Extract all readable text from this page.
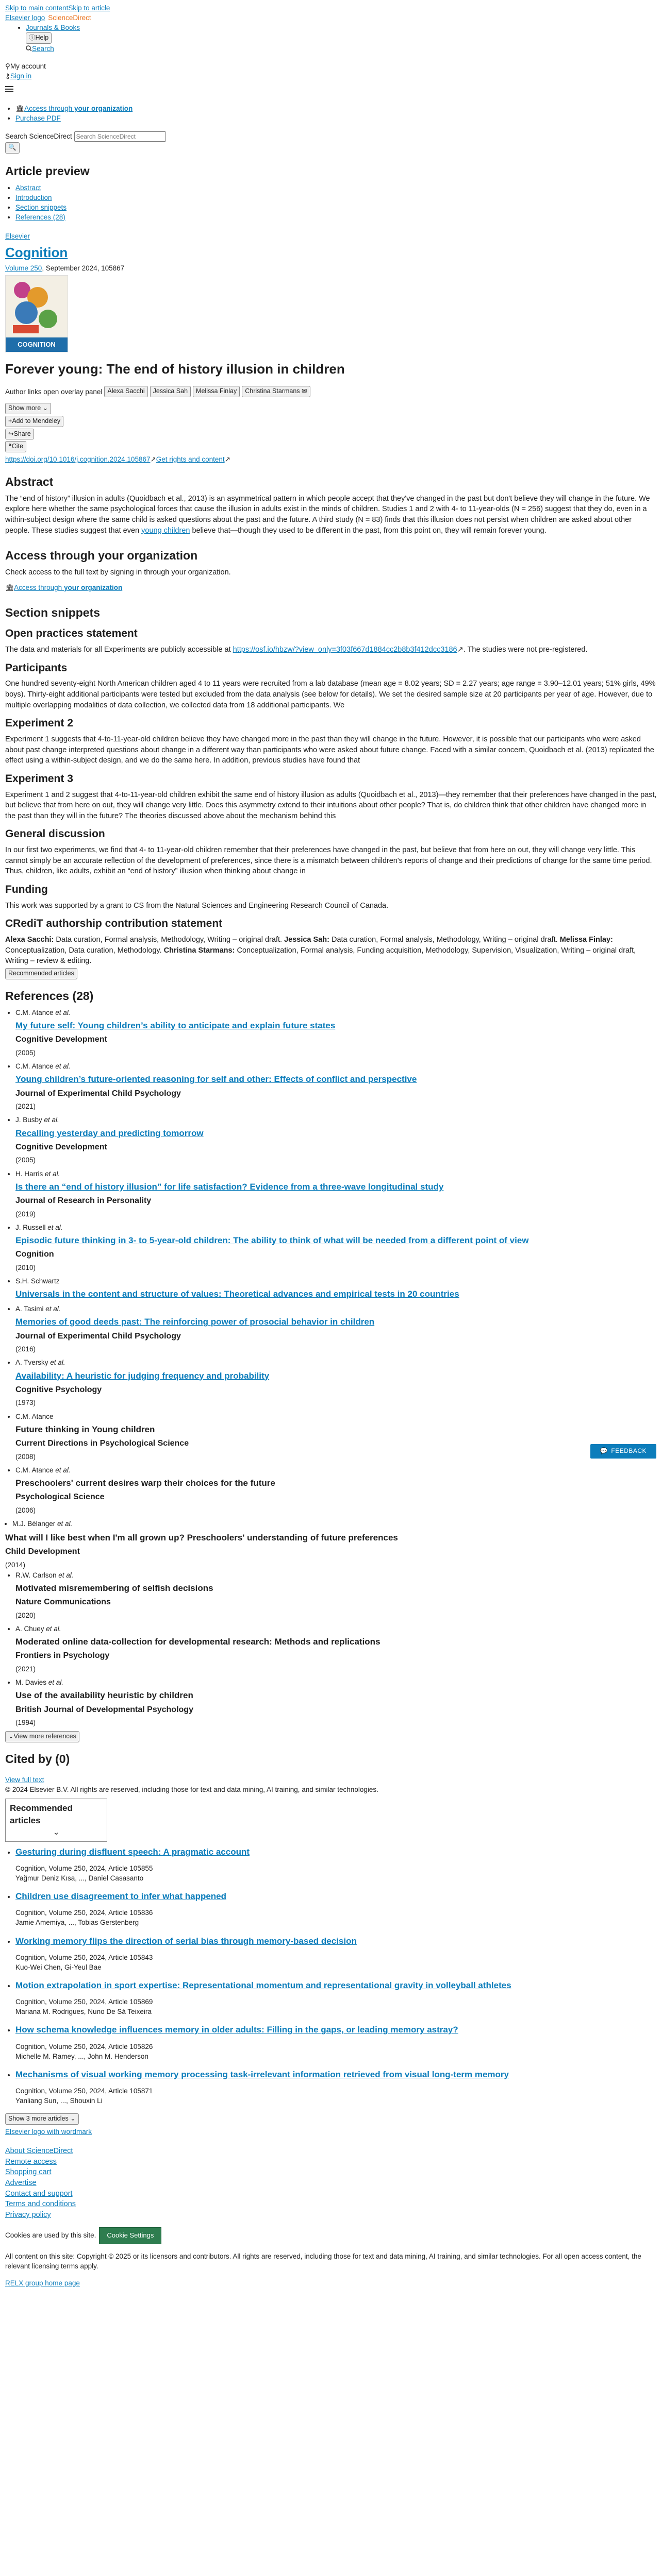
Skip to main contentSkip to article
Elsevier logo ScienceDirect
• Journals & Books
ⓘHelp
Search
⚲My account
⚷Sign in
• 🏛Access through your organization
• Purchase PDF
Search ScienceDirect Search ScienceDirect
🔍
Article preview
• Abstract
• Introduction
• Section snippets
• References (28)
Elsevier
Cognition
Volume 250, September 2024, 105867
COGNITION
Forever young: The end of history illusion in children
Author links open overlay panel Alexa Sacchi	Jessica Sah	Melissa Finlay	Christina Starmans ✉
Show more ⌄
+Add to Mendeley
↪Share
❝Cite
https://doi.org/10.1016/j.cognition.2024.105867↗Get rights and content↗
Abstract

The “end of history” illusion in adults (Quoidbach et al., 2013) is an asymmetrical pattern in which people accept that they've changed in the past but don't believe they will change in the future. We explore here whether the same psychological forces that cause the illusion in adults exist in the minds of children. Studies 1 and 2 with 4- to 11-year-olds (N = 256) suggest that they do, even in a within-subject design where the same child is asked questions about the past and the future. A third study (N = 83) finds that this illusion does not persist when children are asked about other people. These studies suggest that even young children believe that—though they used to be different in the past, from this point on, they will remain forever young.

Access through your organization

Check access to the full text by signing in through your organization.

🏛Access through your organization
Section snippets
Open practices statement

The data and materials for all Experiments are publicly accessible at https://osf.io/hbzw/?view_only=3f03f667d1884cc2b8b3f412dcc3186↗. The studies were not pre-registered.

Participants

One hundred seventy-eight North American children aged 4 to 11 years were recruited from a lab database (mean age = 8.02 years; SD = 2.27 years; age range = 3.90–12.01 years; 51% girls, 49% boys). Thirty-eight additional participants were tested but excluded from the data analysis (see below for details). We set the desired sample size at 20 participants per year of age. However, due to multiple overlapping modalities of data collection, we collected data from 18 additional participants. We

Experiment 2

Experiment 1 suggests that 4-to-11-year-old children believe they have changed more in the past than they will change in the future. However, it is possible that our participants who were asked about past change interpreted questions about change in a different way than participants who were asked about future change. Faced with a similar concern, Quoidbach et al. (2013) replicated the effect using a within-subject design, and we do the same here. In addition, previous studies have found that

Experiment 3

Experiment 1 and 2 suggest that 4-to-11-year-old children exhibit the same end of history illusion as adults (Quoidbach et al., 2013)—they remember that their preferences have changed in the past, but believe that from here on out, they will change very little. Does this asymmetry extend to their intuitions about other people? That is, do children think that other children have changed more in the past than they will in the future? The theories discussed above about the mechanism behind this

General discussion

In our first two experiments, we find that 4- to 11-year-old children remember that their preferences have changed in the past, but believe that from here on out, they will change very little. This cannot simply be an accurate reflection of the development of preferences, since there is a mismatch between children's reports of change and their predictions of change for the same time period. Thus, children, like adults, exhibit an “end of history” illusion when thinking about change in

Funding

This work was supported by a grant to CS from the Natural Sciences and Engineering Research Council of Canada.

CRediT authorship contribution statement

Alexa Sacchi: Data curation, Formal analysis, Methodology, Writing – original draft. Jessica Sah: Data curation, Formal analysis, Methodology, Writing – original draft. Melissa Finlay: Conceptualization, Data curation, Methodology. Christina Starmans: Conceptualization, Formal analysis, Funding acquisition, Methodology, Supervision, Visualization, Writing – original draft, Writing – review & editing.

Recommended articles
References (28)
• C.M. Atance et al.
My future self: Young children’s ability to anticipate and explain future states
Cognitive Development
(2005)
• C.M. Atance et al.
Young children’s future-oriented reasoning for self and other: Effects of conflict and perspective
Journal of Experimental Child Psychology
(2021)
• J. Busby et al.
Recalling yesterday and predicting tomorrow
Cognitive Development
(2005)
• H. Harris et al.
Is there an “end of history illusion” for life satisfaction? Evidence from a three-wave longitudinal study
Journal of Research in Personality
(2019)
• J. Russell et al.
Episodic future thinking in 3- to 5-year-old children: The ability to think of what will be needed from a different point of view
Cognition
(2010)
• S.H. Schwartz
Universals in the content and structure of values: Theoretical advances and empirical tests in 20 countries
• A. Tasimi et al.
Memories of good deeds past: The reinforcing power of prosocial behavior in children
Journal of Experimental Child Psychology
(2016)
• A. Tversky et al.
Availability: A heuristic for judging frequency and probability
Cognitive Psychology
(1973)
• C.M. Atance
Future thinking in Young children
Current Directions in Psychological Science
(2008)
• C.M. Atance et al.
Preschoolers' current desires warp their choices for the future
Psychological Science
(2006)
• M.J. Bélanger et al.
What will I like best when I'm all grown up? Preschoolers' understanding of future preferences
Child Development
(2014)
• R.W. Carlson et al.
Motivated misremembering of selfish decisions
Nature Communications
(2020)
• A. Chuey et al.
Moderated online data-collection for developmental research: Methods and replications
Frontiers in Psychology
(2021)
• M. Davies et al.
Use of the availability heuristic by children
British Journal of Developmental Psychology
(1994)
⌄View more references
Cited by (0)
View full text
© 2024 Elsevier B.V. All rights are reserved, including those for text and data mining, AI training, and similar technologies.
Recommended articles
⌄
• Gesturing during disfluent speech: A pragmatic account
Cognition, Volume 250, 2024, Article 105855
Yağmur Deniz Kısa, ..., Daniel Casasanto
• Children use disagreement to infer what happened
Cognition, Volume 250, 2024, Article 105836
Jamie Amemiya, ..., Tobias Gerstenberg
• Working memory flips the direction of serial bias through memory-based decision
Cognition, Volume 250, 2024, Article 105843
Kuo-Wei Chen, Gi-Yeul Bae
• Motion extrapolation in sport expertise: Representational momentum and representational gravity in volleyball athletes
Cognition, Volume 250, 2024, Article 105869
Mariana M. Rodrigues, Nuno De Sá Teixeira
• How schema knowledge influences memory in older adults: Filling in the gaps, or leading memory astray?
Cognition, Volume 250, 2024, Article 105826
Michelle M. Ramey, ..., John M. Henderson
• Mechanisms of visual working memory processing task-irrelevant information retrieved from visual long-term memory
Cognition, Volume 250, 2024, Article 105871
Yanliang Sun, ..., Shouxin Li
Show 3 more articles ⌄
Elsevier logo with wordmark
About ScienceDirect
Remote access
Shopping cart
Advertise
Contact and support
Terms and conditions
Privacy policy
Cookies are used by this site. Cookie Settings
All content on this site: Copyright © 2025 or its licensors and contributors. All rights are reserved, including those for text and data mining, AI training, and similar technologies. For all open access content, the relevant licensing terms apply.
RELX group home page
💬 FEEDBACK
